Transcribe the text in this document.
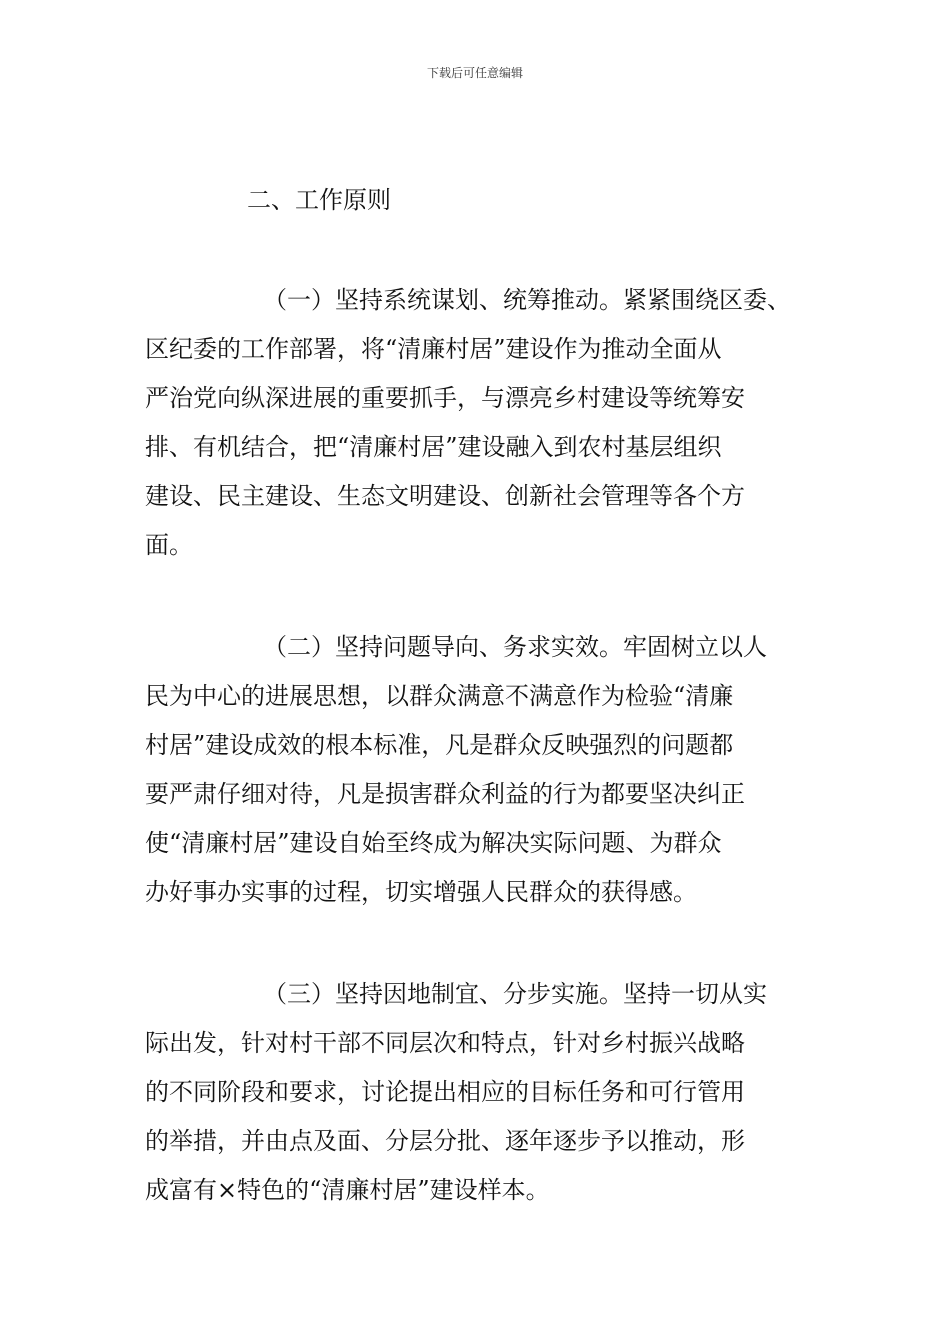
下载后可任意编辑
二、工作原则
（一）坚持系统谋划、统筹推动。紧紧围绕区委、
区纪委的工作部署，将“清廉村居”建设作为推动全面从
严治党向纵深进展的重要抓手，与漂亮乡村建设等统筹安
排、有机结合，把“清廉村居”建设融入到农村基层组织
建设、民主建设、生态文明建设、创新社会管理等各个方
面。
（二）坚持问题导向、务求实效。牢固树立以人
民为中心的进展思想，以群众满意不满意作为检验“清廉
村居”建设成效的根本标准，凡是群众反映强烈的问题都
要严肃仔细对待，凡是损害群众利益的行为都要坚决纠正
使“清廉村居”建设自始至终成为解决实际问题、为群众
办好事办实事的过程，切实增强人民群众的获得感。
（三）坚持因地制宜、分步实施。坚持一切从实
际出发，针对村干部不同层次和特点，针对乡村振兴战略
的不同阶段和要求，讨论提出相应的目标任务和可行管用
的举措，并由点及面、分层分批、逐年逐步予以推动，形
成富有×特色的“清廉村居”建设样本。
